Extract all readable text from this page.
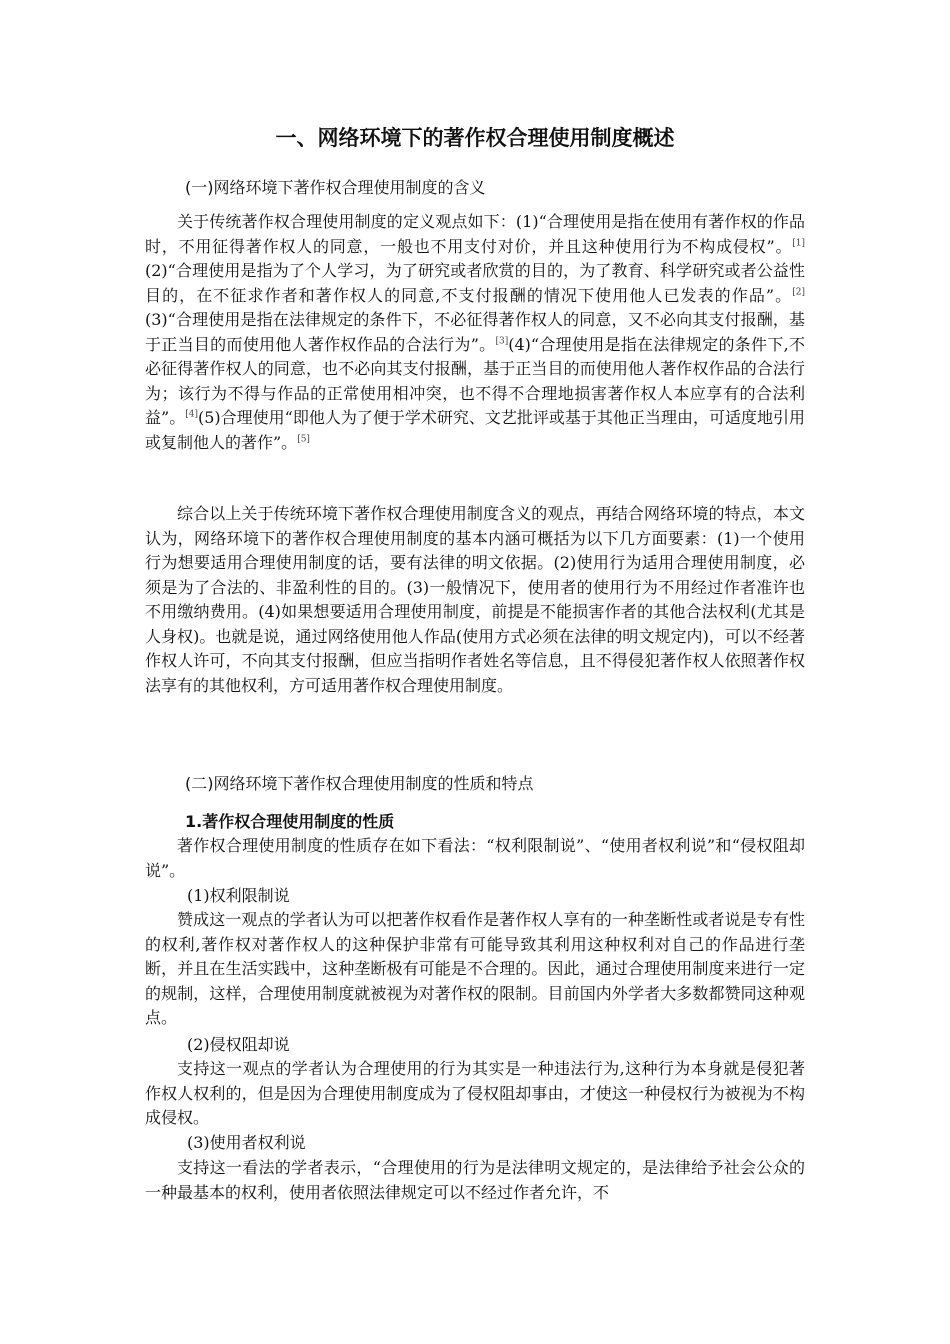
一、网络环境下的著作权合理使用制度概述
(一)网络环境下著作权合理使用制度的含义

关于传统著作权合理使用制度的定义观点如下：(1)“合理使用是指在使用有著作权的作品时，不用征得著作权人的同意，一般也不用支付对价，并且这种使用行为不构成侵权”。[1](2)“合理使用是指为了个人学习，为了研究或者欣赏的目的，为了教育、科学研究或者公益性目的，在不征求作者和著作权人的同意,不支付报酬的情况下使用他人已发表的作品”。[2](3)“合理使用是指在法律规定的条件下，不必征得著作权人的同意，又不必向其支付报酬，基于正当目的而使用他人著作权作品的合法行为”。[3](4)“合理使用是指在法律规定的条件下,不必征得著作权人的同意，也不必向其支付报酬，基于正当目的而使用他人著作权作品的合法行为；该行为不得与作品的正常使用相冲突，也不得不合理地损害著作权人本应享有的合法利益”。[4](5)合理使用“即他人为了便于学术研究、文艺批评或基于其他正当理由，可适度地引用或复制他人的著作”。[5]

综合以上关于传统环境下著作权合理使用制度含义的观点，再结合网络环境的特点，本文认为，网络环境下的著作权合理使用制度的基本内涵可概括为以下几方面要素：(1)一个使用行为想要适用合理使用制度的话，要有法律的明文依据。(2)使用行为适用合理使用制度，必须是为了合法的、非盈利性的目的。(3)一般情况下，使用者的使用行为不用经过作者准许也不用缴纳费用。(4)如果想要适用合理使用制度，前提是不能损害作者的其他合法权利(尤其是人身权)。也就是说，通过网络使用他人作品(使用方式必须在法律的明文规定内)，可以不经著作权人许可，不向其支付报酬，但应当指明作者姓名等信息，且不得侵犯著作权人依照著作权法享有的其他权利，方可适用著作权合理使用制度。

(二)网络环境下著作权合理使用制度的性质和特点
1.著作权合理使用制度的性质

著作权合理使用制度的性质存在如下看法：“权利限制说”、“使用者权利说”和“侵权阻却说”。

(1)权利限制说

赞成这一观点的学者认为可以把著作权看作是著作权人享有的一种垄断性或者说是专有性的权利,著作权对著作权人的这种保护非常有可能导致其利用这种权利对自己的作品进行垄断，并且在生活实践中，这种垄断极有可能是不合理的。因此，通过合理使用制度来进行一定的规制，这样，合理使用制度就被视为对著作权的限制。目前国内外学者大多数都赞同这种观点。

(2)侵权阻却说

支持这一观点的学者认为合理使用的行为其实是一种违法行为,这种行为本身就是侵犯著作权人权利的，但是因为合理使用制度成为了侵权阻却事由，才使这一种侵权行为被视为不构成侵权。

(3)使用者权利说

支持这一看法的学者表示，“合理使用的行为是法律明文规定的，是法律给予社会公众的一种最基本的权利，使用者依照法律规定可以不经过作者允许，不
